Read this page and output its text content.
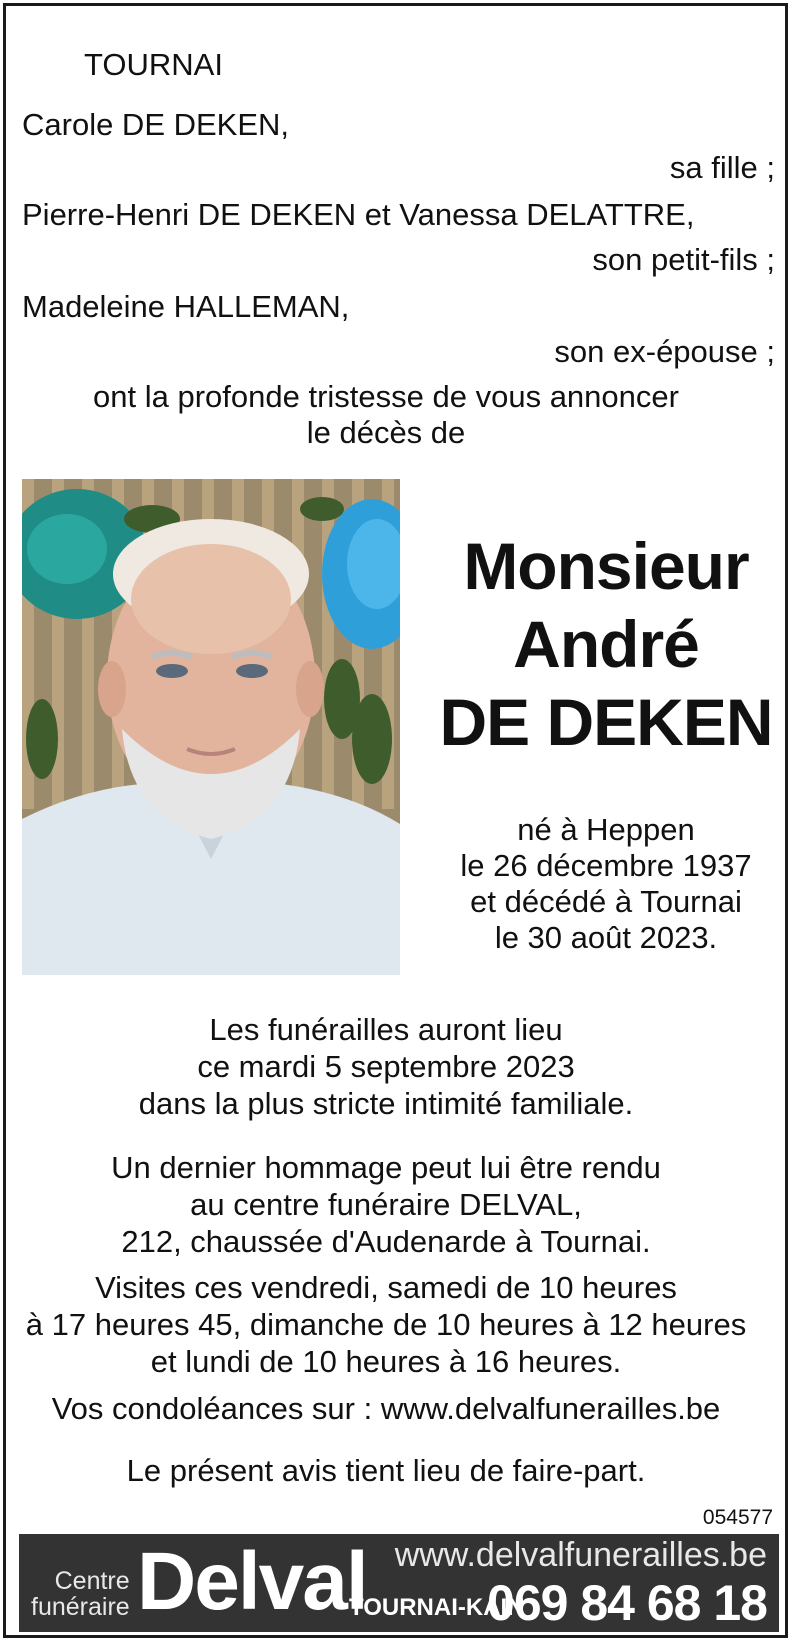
TOURNAI
Carole DE DEKEN,
sa fille ;
Pierre-Henri DE DEKEN et Vanessa DELATTRE,
son petit-fils ;
Madeleine HALLEMAN,
son ex-épouse ;
ont la profonde tristesse de vous annoncer
le décès de
Monsieur
André
DE DEKEN
né à Heppen
le 26 décembre 1937
et décédé à Tournai
le 30 août 2023.
Les funérailles auront lieu
ce mardi 5 septembre 2023
dans la plus stricte intimité familiale.
Un dernier hommage peut lui être rendu
au centre funéraire DELVAL,
212, chaussée d'Audenarde à Tournai.
Visites ces vendredi, samedi de 10 heures
à 17 heures 45, dimanche de 10 heures à 12 heures
et lundi de 10 heures à 16 heures.
Vos condoléances sur : www.delvalfunerailles.be
Le présent avis tient lieu de faire-part.
054577
Centre
funéraire Delval www.delvalfunerailles.be
TOURNAI-KAIN
069 84 68 18
